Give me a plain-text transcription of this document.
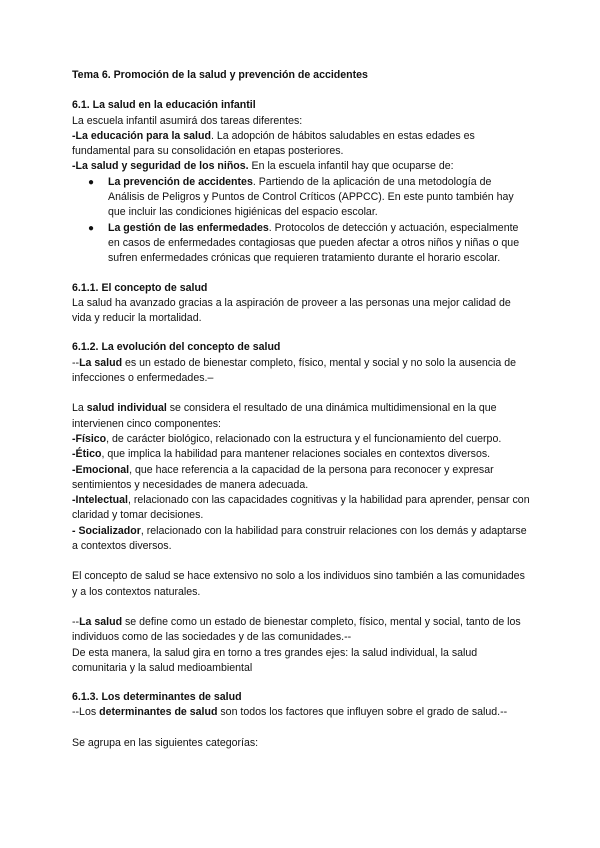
Tema 6. Promoción de la salud y prevención de accidentes

6.1. La salud en la educación infantil

La escuela infantil asumirá dos tareas diferentes:

-La educación para la salud. La adopción de hábitos saludables en estas edades es fundamental para su consolidación en etapas posteriores.

-La salud y seguridad de los niños. En la escuela infantil hay que ocuparse de:

● La prevención de accidentes. Partiendo de la aplicación de una metodología de Análisis de Peligros y Puntos de Control Críticos (APPCC). En este punto también hay que incluir las condiciones higiénicas del espacio escolar.
● La gestión de las enfermedades. Protocolos de detección y actuación, especialmente en casos de enfermedades contagiosas que pueden afectar a otros niños y niñas o que sufren enfermedades crónicas que requieren tratamiento durante el horario escolar.

6.1.1. El concepto de salud

La salud ha avanzado gracias a la aspiración de proveer a las personas una mejor calidad de vida y reducir la mortalidad.

6.1.2. La evolución del concepto de salud

--La salud es un estado de bienestar completo, físico, mental y social y no solo la ausencia de infecciones o enfermedades.–

La salud individual se considera el resultado de una dinámica multidimensional en la que intervienen cinco componentes:

-Físico, de carácter biológico, relacionado con la estructura y el funcionamiento del cuerpo.

-Ético, que implica la habilidad para mantener relaciones sociales en contextos diversos.

-Emocional, que hace referencia a la capacidad de la persona para reconocer y expresar sentimientos y necesidades de manera adecuada.

-Intelectual, relacionado con las capacidades cognitivas y la habilidad para aprender, pensar con claridad y tomar decisiones.

- Socializador, relacionado con la habilidad para construir relaciones con los demás y adaptarse a contextos diversos.

El concepto de salud se hace extensivo no solo a los individuos sino también a las comunidades y a los contextos naturales.

--La salud se define como un estado de bienestar completo, físico, mental y social, tanto de los individuos como de las sociedades y de las comunidades.--

De esta manera, la salud gira en torno a tres grandes ejes: la salud individual, la salud comunitaria y la salud medioambiental

6.1.3. Los determinantes de salud

--Los determinantes de salud son todos los factores que influyen sobre el grado de salud.--

Se agrupa en las siguientes categorías:
